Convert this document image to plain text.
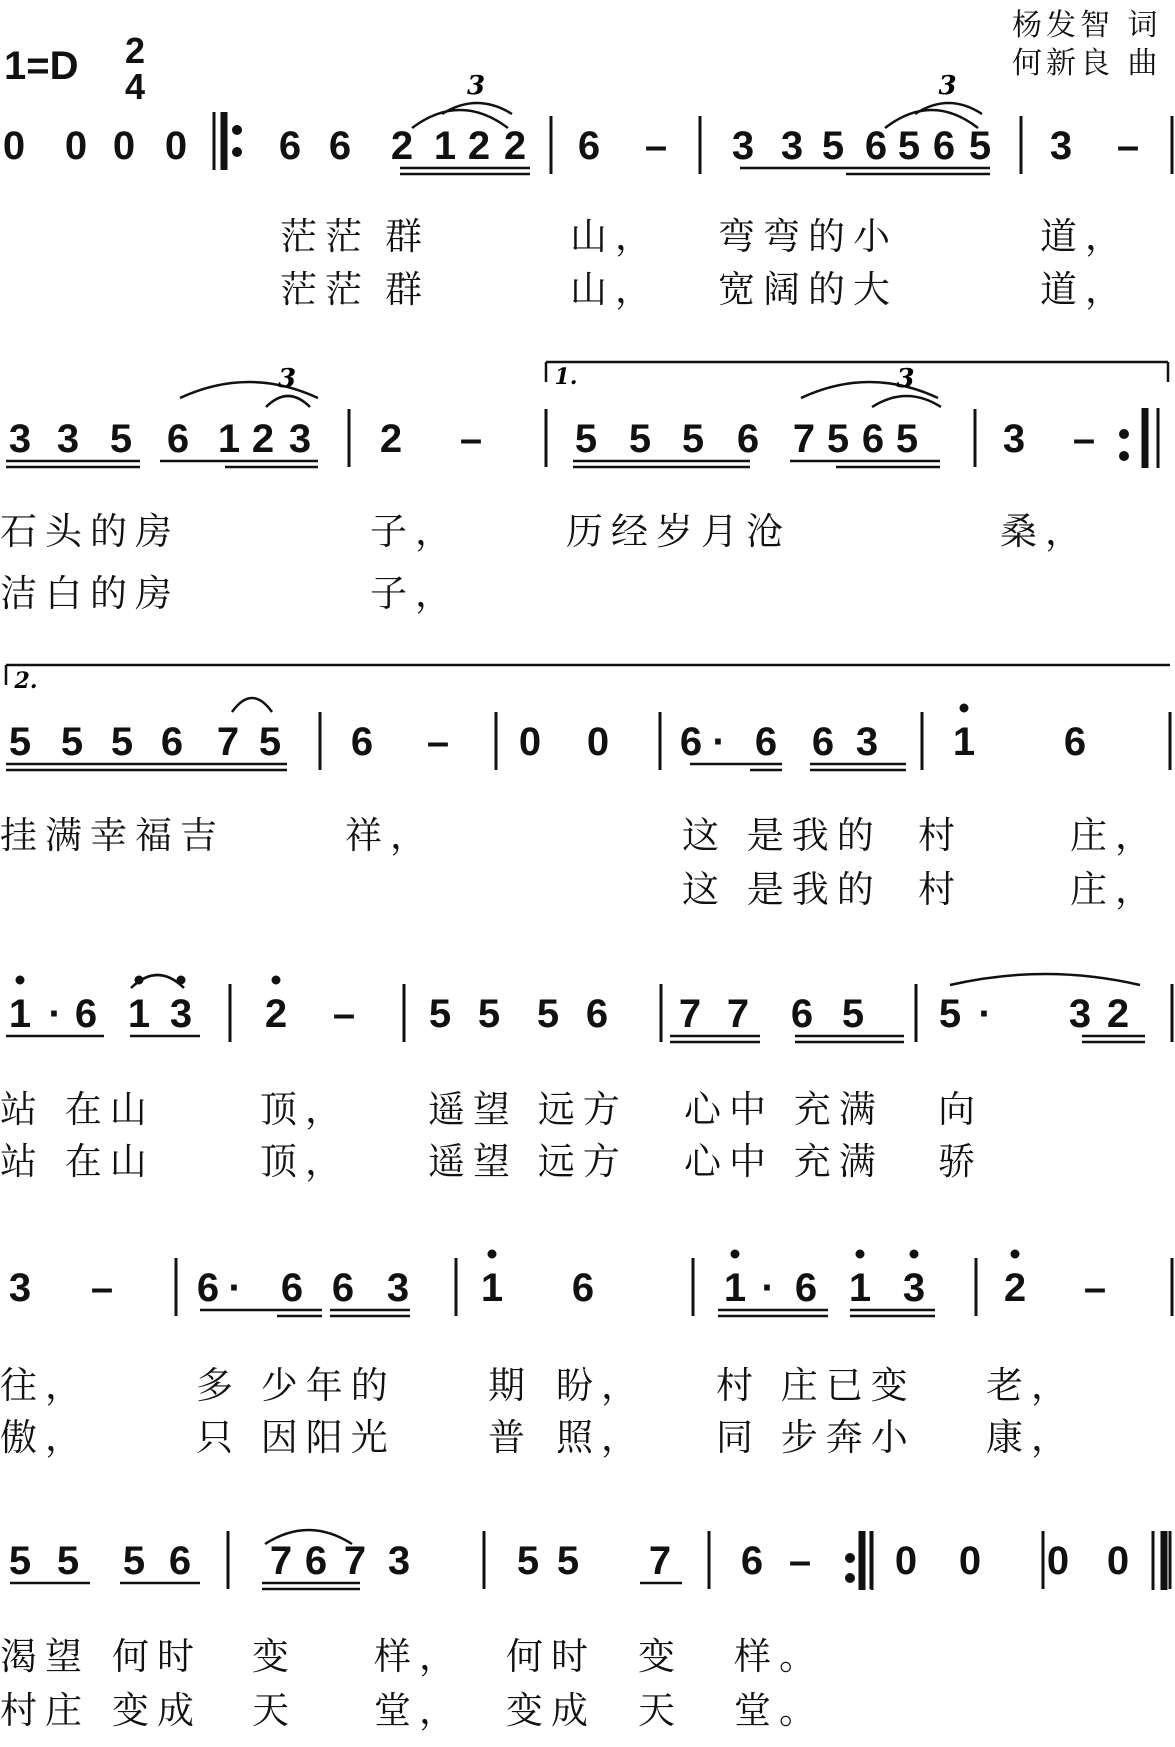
3	3
3	3
1.
2.
1=D 2
4
杨发智 词
何新良 曲
0 0 0 0 6 6 2 1 2 2 6 – 3 3 5 6 5 6 5 3 –
茫茫 群	山， 弯弯的小	道，
茫茫 群	山， 宽阔的大	道，
3 3 5 6 1 2 3 2 – 5 5 5 6 7 5 6 5 3 –
石头的房	子，	历经岁月沧	桑，
洁白的房	子，
5 5 5 6 7 5 6 – 0 0 6 · 6 6 3 1 6
挂满幸福吉	祥，	这 是我的 村	庄，
这 是我的 村	庄，
1 · 6 1 3 2 – 5 5 5 6 7 7 6 5 5 · 3 2
站 在山	顶， 遥望 远方 心中 充满 向
站 在山	顶， 遥望 远方 心中 充满 骄
3 – 6 · 6 6 3 1 6	1 · 6 1 3 2 –
往，	多 少年的 期 盼， 村 庄已变 老，
傲，	只 因阳光 普 照， 同 步奔小 康，
5 5 5 6 7 6 7 3	5 5 7 6 – 0 0 0 0
渴望 何时 变 样， 何时 变 样。
村庄 变成 天 堂， 变成 天 堂。
